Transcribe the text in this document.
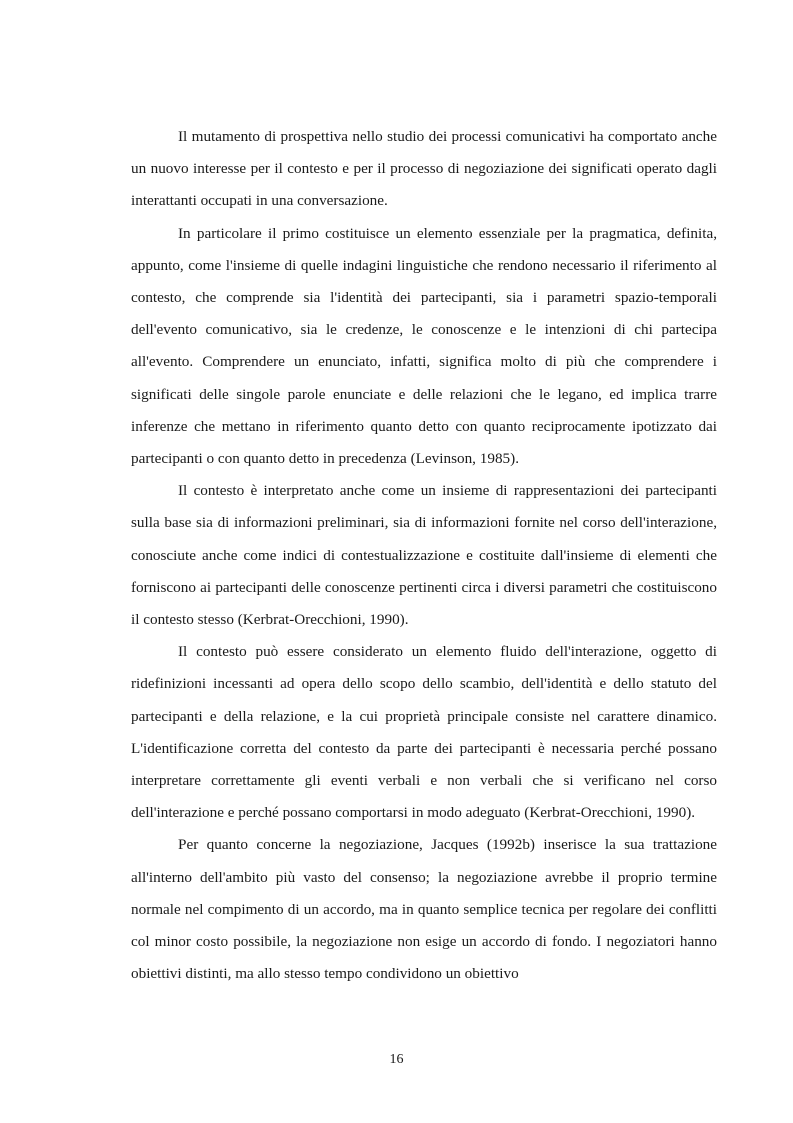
Il mutamento di prospettiva nello studio dei processi comunicativi ha comportato anche un nuovo interesse per il contesto e per il processo di negoziazione dei significati operato dagli interattanti occupati in una conversazione.

In particolare il primo costituisce un elemento essenziale per la pragmatica, definita, appunto, come l'insieme di quelle indagini linguistiche che rendono necessario il riferimento al contesto, che comprende sia l'identità dei partecipanti, sia i parametri spazio-temporali dell'evento comunicativo, sia le credenze, le conoscenze e le intenzioni di chi partecipa all'evento. Comprendere un enunciato, infatti, significa molto di più che comprendere i significati delle singole parole enunciate e delle relazioni che le legano, ed implica trarre inferenze che mettano in riferimento quanto detto con quanto reciprocamente ipotizzato dai partecipanti o con quanto detto in precedenza (Levinson, 1985).

Il contesto è interpretato anche come un insieme di rappresentazioni dei partecipanti sulla base sia di informazioni preliminari, sia di informazioni fornite nel corso dell'interazione, conosciute anche come indici di contestualizzazione e costituite dall'insieme di elementi che forniscono ai partecipanti delle conoscenze pertinenti circa i diversi parametri che costituiscono il contesto stesso (Kerbrat-Orecchioni, 1990).

Il contesto può essere considerato un elemento fluido dell'interazione, oggetto di ridefinizioni incessanti ad opera dello scopo dello scambio, dell'identità e dello statuto del partecipanti e della relazione, e la cui proprietà principale consiste nel carattere dinamico. L'identificazione corretta del contesto da parte dei partecipanti è necessaria perché possano interpretare correttamente gli eventi verbali e non verbali che si verificano nel corso dell'interazione e perché possano comportarsi in modo adeguato (Kerbrat-Orecchioni, 1990).

Per quanto concerne la negoziazione, Jacques (1992b) inserisce la sua trattazione all'interno dell'ambito più vasto del consenso; la negoziazione avrebbe il proprio termine normale nel compimento di un accordo, ma in quanto semplice tecnica per regolare dei conflitti col minor costo possibile, la negoziazione non esige un accordo di fondo. I negoziatori hanno obiettivi distinti, ma allo stesso tempo condividono un obiettivo

16
